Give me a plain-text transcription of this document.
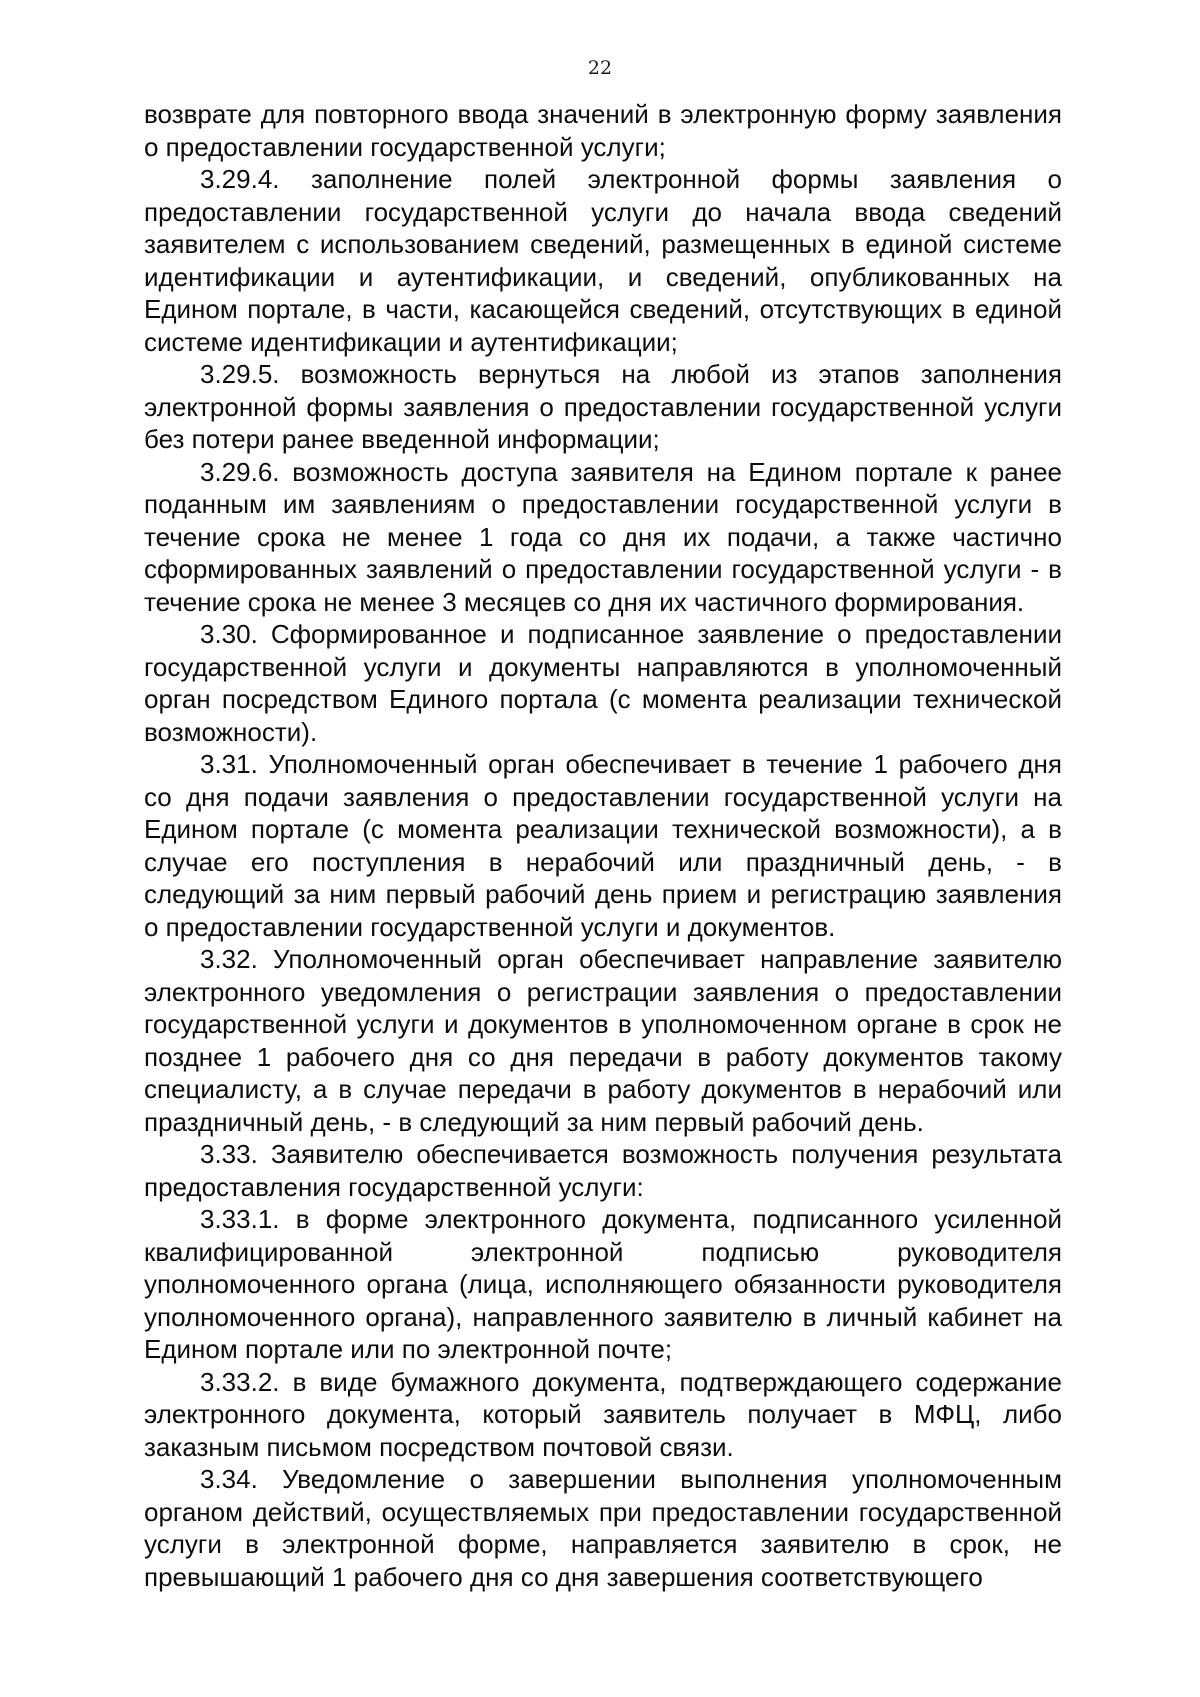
22

возврате для повторного ввода значений в электронную форму заявления о предоставлении государственной услуги;

3.29.4. заполнение полей электронной формы заявления о предоставлении государственной услуги до начала ввода сведений заявителем с использованием сведений, размещенных в единой системе идентификации и аутентификации, и сведений, опубликованных на Едином портале, в части, касающейся сведений, отсутствующих в единой системе идентификации и аутентификации;

3.29.5. возможность вернуться на любой из этапов заполнения электронной формы заявления о предоставлении государственной услуги без потери ранее введенной информации;

3.29.6. возможность доступа заявителя на Едином портале к ранее поданным им заявлениям о предоставлении государственной услуги в течение срока не менее 1 года со дня их подачи, а также частично сформированных заявлений о предоставлении государственной услуги - в течение срока не менее 3 месяцев со дня их частичного формирования.

3.30. Сформированное и подписанное заявление о предоставлении государственной услуги и документы направляются в уполномоченный орган посредством Единого портала (с момента реализации технической возможности).

3.31. Уполномоченный орган обеспечивает в течение 1 рабочего дня со дня подачи заявления о предоставлении государственной услуги на Едином портале (с момента реализации технической возможности), а в случае его поступления в нерабочий или праздничный день, - в следующий за ним первый рабочий день прием и регистрацию заявления о предоставлении государственной услуги и документов.

3.32. Уполномоченный орган обеспечивает направление заявителю электронного уведомления о регистрации заявления о предоставлении государственной услуги и документов в уполномоченном органе в срок не позднее 1 рабочего дня со дня передачи в работу документов такому специалисту, а в случае передачи в работу документов в нерабочий или праздничный день, - в следующий за ним первый рабочий день.

3.33. Заявителю обеспечивается возможность получения результата предоставления государственной услуги:

3.33.1. в форме электронного документа, подписанного усиленной квалифицированной электронной подписью руководителя уполномоченного органа (лица, исполняющего обязанности руководителя уполномоченного органа), направленного заявителю в личный кабинет на Едином портале или по электронной почте;

3.33.2. в виде бумажного документа, подтверждающего содержание электронного документа, который заявитель получает в МФЦ, либо заказным письмом посредством почтовой связи.

3.34. Уведомление о завершении выполнения уполномоченным органом действий, осуществляемых при предоставлении государственной услуги в электронной форме, направляется заявителю в срок, не превышающий 1 рабочего дня со дня завершения соответствующего
